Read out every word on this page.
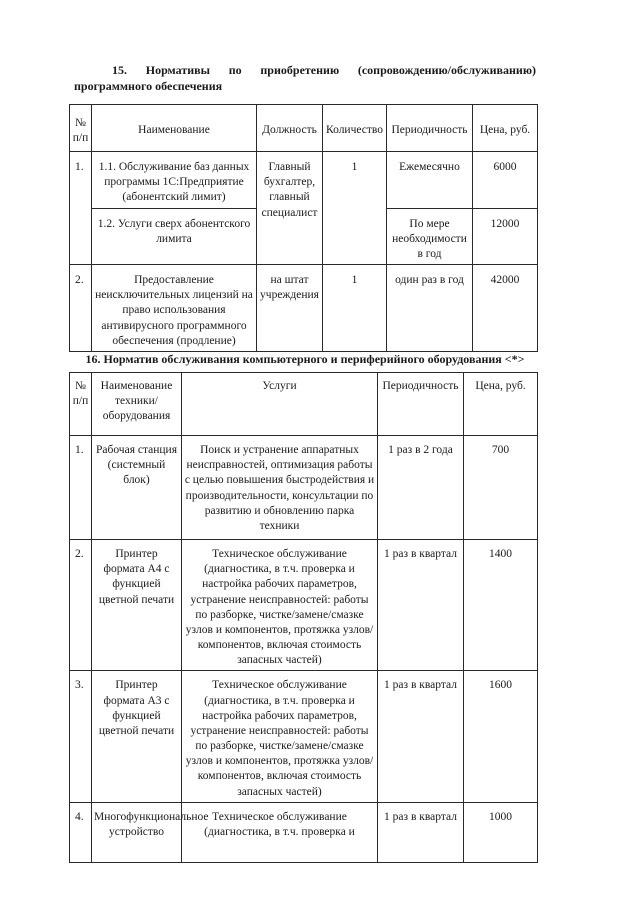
15. Нормативы по приобретению (сопровождению/обслуживанию)
программного обеспечения
№ п/п	Наименование	Должность	Количество	Периодичность	Цена, руб.
1.	1.1. Обслуживание баз данных программы 1С:Предприятие (абонентский лимит)	Главный бухгалтер, главный специалист	1	Ежемесячно	6000
	1.2. Услуги сверх абонентского лимита			По мере необходимости в год	12000
2.	Предоставление неисключительных лицензий на право использования антивирусного программного обеспечения (продление)	на штат учреждения	1	один раз в год	42000
16. Норматив обслуживания компьютерного и периферийного оборудования <*>
№ п/п	Наименование техники/оборудования	Услуги	Периодичность	Цена, руб.
1.	Рабочая станция (системный блок)	Поиск и устранение аппаратных неисправностей, оптимизация работы с целью повышения быстродействия и производительности, консультации по развитию и обновлению парка техники	1 раз в 2 года	700
2.	Принтер формата А4 с функцией цветной печати	Техническое обслуживание (диагностика, в т.ч. проверка и настройка рабочих параметров, устранение неисправностей: работы по разборке, чистке/замене/смазке узлов и компонентов, протяжка узлов/компонентов, включая стоимость запасных частей)	1 раз в квартал	1400
3.	Принтер формата А3 с функцией цветной печати	Техническое обслуживание (диагностика, в т.ч. проверка и настройка рабочих параметров, устранение неисправностей: работы по разборке, чистке/замене/смазке узлов и компонентов, протяжка узлов/компонентов, включая стоимость запасных частей)	1 раз в квартал	1600
4.	Многофункциональное устройство	Техническое обслуживание (диагностика, в т.ч. проверка и	1 раз в квартал	1000
